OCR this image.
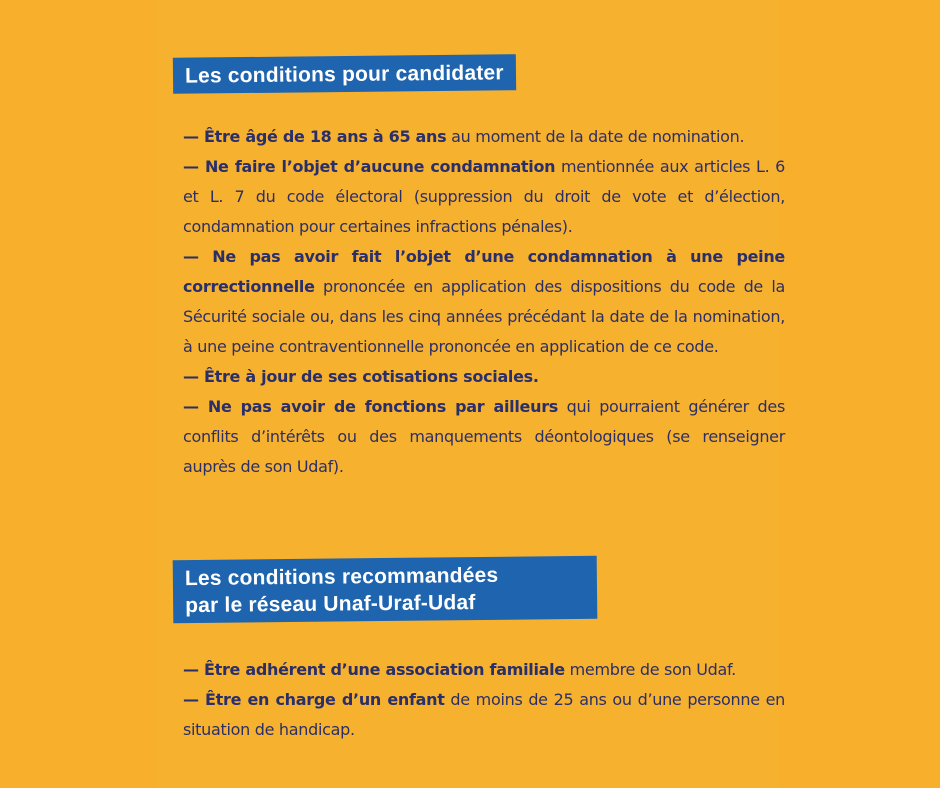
Les conditions pour candidater

— Être âgé de 18 ans à 65 ans au moment de la date de nomination.

— Ne faire l’objet d’aucune condamnation mentionnée aux articles L. 6 et L. 7 du code électoral (suppression du droit de vote et d’élection, condamnation pour certaines infractions pénales).

— Ne pas avoir fait l’objet d’une condamnation à une peine correctionnelle prononcée en application des dispositions du code de la Sécurité sociale ou, dans les cinq années précédant la date de la nomination, à une peine contraventionnelle prononcée en application de ce code.

— Être à jour de ses cotisations sociales.

— Ne pas avoir de fonctions par ailleurs qui pourraient générer des conflits d’intérêts ou des manquements déontologiques (se renseigner auprès de son Udaf).

Les conditions recommandées
par le réseau Unaf-Uraf-Udaf

— Être adhérent d’une association familiale membre de son Udaf.

— Être en charge d’un enfant de moins de 25 ans ou d’une personne en situation de handicap.
